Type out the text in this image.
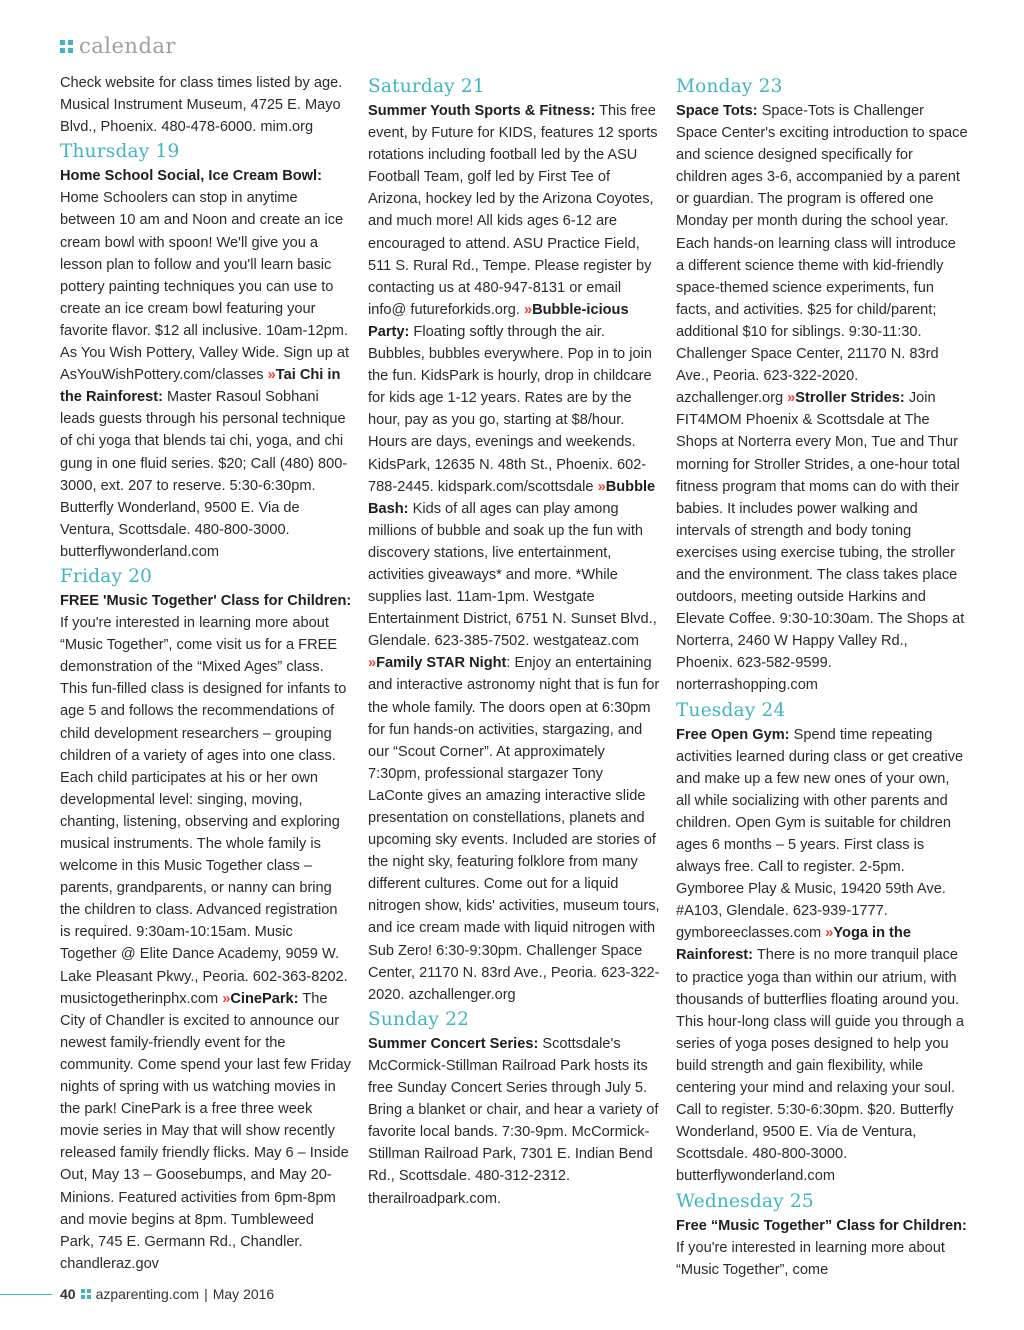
calendar

Check website for class times listed by age. Musical Instrument Museum, 4725 E. Mayo Blvd., Phoenix. 480-478-6000. mim.org

Thursday 19

Home School Social, Ice Cream Bowl: Home Schoolers can stop in anytime between 10 am and Noon and create an ice cream bowl with spoon! We'll give you a lesson plan to follow and you'll learn basic pottery painting techniques you can use to create an ice cream bowl featuring your favorite flavor. $12 all inclusive. 10am-12pm. As You Wish Pottery, Valley Wide. Sign up at AsYouWishPottery.com/classes »Tai Chi in the Rainforest: Master Rasoul Sobhani leads guests through his personal technique of chi yoga that blends tai chi, yoga, and chi gung in one fluid series. $20; Call (480) 800-3000, ext. 207 to reserve. 5:30-6:30pm. Butterfly Wonderland, 9500 E. Via de Ventura, Scottsdale. 480-800-3000. butterflywonderland.com

Friday 20

FREE 'Music Together' Class for Children: If you're interested in learning more about “Music Together”, come visit us for a FREE demonstration of the “Mixed Ages” class. This fun-filled class is designed for infants to age 5 and follows the recommendations of child development researchers – grouping children of a variety of ages into one class. Each child participates at his or her own developmental level: singing, moving, chanting, listening, observing and exploring musical instruments. The whole family is welcome in this Music Together class – parents, grandparents, or nanny can bring the children to class. Advanced registration is required. 9:30am-10:15am. Music Together @ Elite Dance Academy, 9059 W. Lake Pleasant Pkwy., Peoria. 602-363-8202. musictogetherinphx.com »CinePark: The City of Chandler is excited to announce our newest family-friendly event for the community. Come spend your last few Friday nights of spring with us watching movies in the park! CinePark is a free three week movie series in May that will show recently released family friendly flicks. May 6 – Inside Out, May 13 – Goosebumps, and May 20- Minions. Featured activities from 6pm-8pm and movie begins at 8pm. Tumbleweed Park, 745 E. Germann Rd., Chandler. chandleraz.gov

Saturday 21

Summer Youth Sports & Fitness: This free event, by Future for KIDS, features 12 sports rotations including football led by the ASU Football Team, golf led by First Tee of Arizona, hockey led by the Arizona Coyotes, and much more! All kids ages 6-12 are encouraged to attend. ASU Practice Field, 511 S. Rural Rd., Tempe. Please register by contacting us at 480-947-8131 or email info@ futureforkids.org. »Bubble-icious Party: Floating softly through the air. Bubbles, bubbles everywhere. Pop in to join the fun. KidsPark is hourly, drop in childcare for kids age 1-12 years. Rates are by the hour, pay as you go, starting at $8/hour. Hours are days, evenings and weekends. KidsPark, 12635 N. 48th St., Phoenix. 602-788-2445. kidspark.com/scottsdale »Bubble Bash: Kids of all ages can play among millions of bubble and soak up the fun with discovery stations, live entertainment, activities giveaways* and more. *While supplies last. 11am-1pm. Westgate Entertainment District, 6751 N. Sunset Blvd., Glendale. 623-385-7502. westgateaz.com »Family STAR Night: Enjoy an entertaining and interactive astronomy night that is fun for the whole family. The doors open at 6:30pm for fun hands-on activities, stargazing, and our “Scout Corner”. At approximately 7:30pm, professional stargazer Tony LaConte gives an amazing interactive slide presentation on constellations, planets and upcoming sky events. Included are stories of the night sky, featuring folklore from many different cultures. Come out for a liquid nitrogen show, kids' activities, museum tours, and ice cream made with liquid nitrogen with Sub Zero! 6:30-9:30pm. Challenger Space Center, 21170 N. 83rd Ave., Peoria. 623-322-2020. azchallenger.org

Sunday 22

Summer Concert Series: Scottsdale's McCormick-Stillman Railroad Park hosts its free Sunday Concert Series through July 5. Bring a blanket or chair, and hear a variety of favorite local bands. 7:30-9pm. McCormick-Stillman Railroad Park, 7301 E. Indian Bend Rd., Scottsdale. 480-312-2312. therailroadpark.com.

Monday 23

Space Tots: Space-Tots is Challenger Space Center's exciting introduction to space and science designed specifically for children ages 3-6, accompanied by a parent or guardian. The program is offered one Monday per month during the school year. Each hands-on learning class will introduce a different science theme with kid-friendly space-themed science experiments, fun facts, and activities. $25 for child/parent; additional $10 for siblings. 9:30-11:30. Challenger Space Center, 21170 N. 83rd Ave., Peoria. 623-322-2020. azchallenger.org »Stroller Strides: Join FIT4MOM Phoenix & Scottsdale at The Shops at Norterra every Mon, Tue and Thur morning for Stroller Strides, a one-hour total fitness program that moms can do with their babies. It includes power walking and intervals of strength and body toning exercises using exercise tubing, the stroller and the environment. The class takes place outdoors, meeting outside Harkins and Elevate Coffee. 9:30-10:30am. The Shops at Norterra, 2460 W Happy Valley Rd., Phoenix. 623-582-9599. norterrashopping.com

Tuesday 24

Free Open Gym: Spend time repeating activities learned during class or get creative and make up a few new ones of your own, all while socializing with other parents and children. Open Gym is suitable for children ages 6 months – 5 years. First class is always free. Call to register. 2-5pm. Gymboree Play & Music, 19420 59th Ave. #A103, Glendale. 623-939-1777. gymboreeclasses.com »Yoga in the Rainforest: There is no more tranquil place to practice yoga than within our atrium, with thousands of butterflies floating around you. This hour-long class will guide you through a series of yoga poses designed to help you build strength and gain flexibility, while centering your mind and relaxing your soul. Call to register. 5:30-6:30pm. $20. Butterfly Wonderland, 9500 E. Via de Ventura, Scottsdale. 480-800-3000. butterflywonderland.com

Wednesday 25

Free “Music Together” Class for Children: If you're interested in learning more about “Music Together”, come

40 azparenting.com | May 2016
